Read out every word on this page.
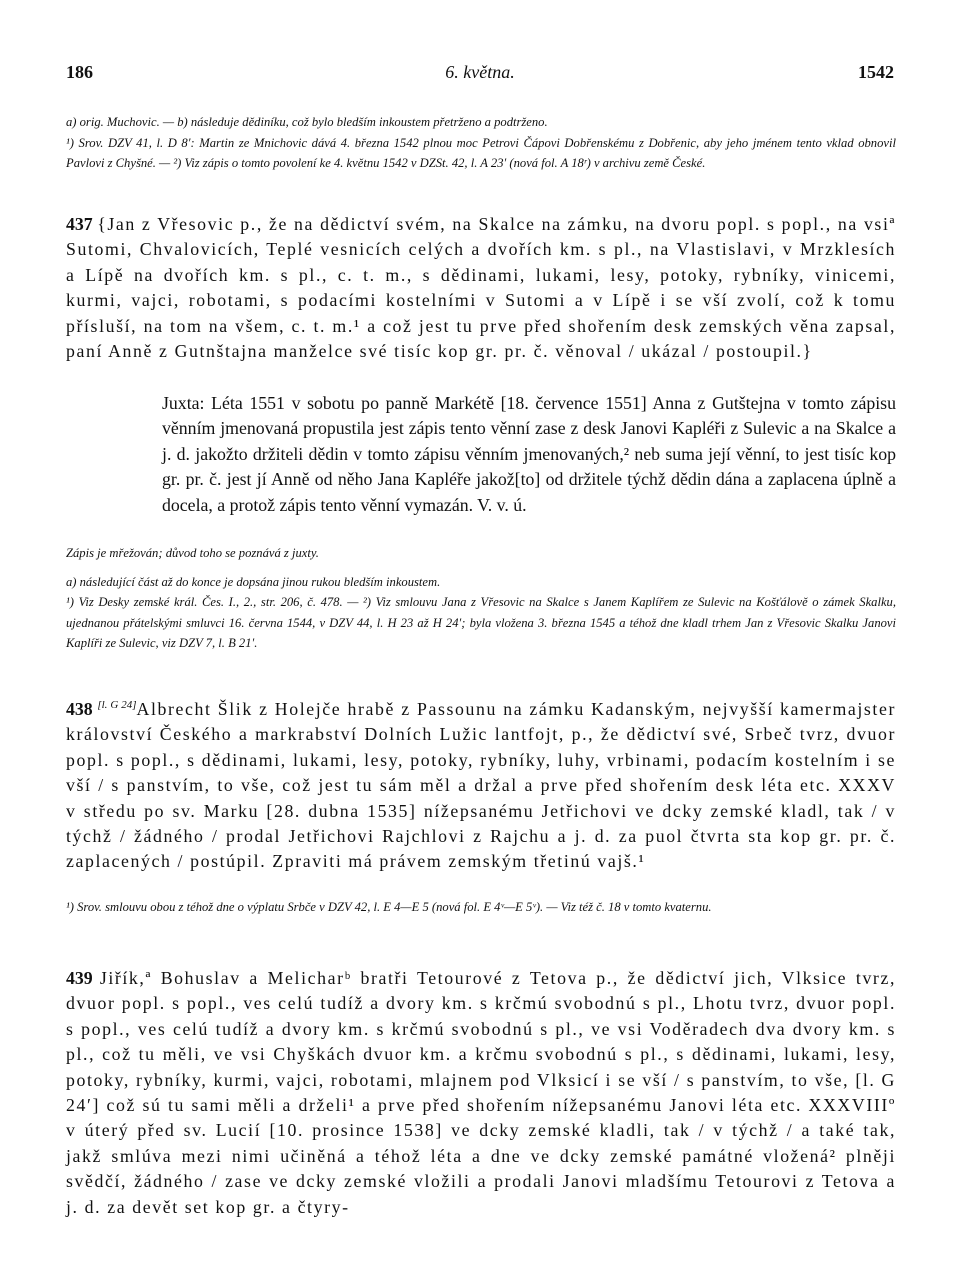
186	6. května.	1542

a) orig. Muchovic. — b) následuje dědiníku, což bylo bledším inkoustem přetrženo a podtrženo.

¹) Srov. DZV 41, l. D 8′: Martin ze Mnichovic dává 4. března 1542 plnou moc Petrovi Čápovi Dobřenskému z Dobřenic, aby jeho jménem tento vklad obnovil Pavlovi z Chyšné. — ²) Viz zápis o tomto povolení ke 4. květnu 1542 v DZSt. 42, l. A 23′ (nová fol. A 18ʳ) v archivu země České.

437 {Jan z Vřesovic p., že na dědictví svém, na Skalce na zámku, na dvoru popl. s popl., na vsiª Sutomi, Chvalovicích, Teplé vesnicích celých a dvořích km. s pl., na Vlastislavi, v Mrzklesích a Lípě na dvořích km. s pl., c. t. m., s dědinami, lukami, lesy, potoky, rybníky, vinicemi, kurmi, vajci, robotami, s podacími kostelními v Sutomi a v Lípě i se vší zvolí, což k tomu přísluší, na tom na všem, c. t. m.¹ a což jest tu prve před shořením desk zemských věna zapsal, paní Anně z Gutnštajna manželce své tisíc kop gr. pr. č. věnoval / ukázal / postoupil.}

Juxta: Léta 1551 v sobotu po panně Markétě [18. července 1551] Anna z Gutštejna v tomto zápisu věnním jmenovaná propustila jest zápis tento věnní zase z desk Janovi Kapléři z Sulevic a na Skalce a j. d. jakožto držiteli dědin v tomto zápisu věnním jmenovaných,² neb suma její věnní, to jest tisíc kop gr. pr. č. jest jí Anně od něho Jana Kapléře jakož[to] od držitele týchž dědin dána a zaplacena úplně a docela, a protož zápis tento věnní vymazán. V. v. ú.

Zápis je mřežován; důvod toho se poznává z juxty.

a) následující část až do konce je dopsána jinou rukou bledším inkoustem.

¹) Viz Desky zemské král. Čes. I., 2., str. 206, č. 478. — ²) Viz smlouvu Jana z Vřesovic na Skalce s Janem Kaplířem ze Sulevic na Košťálově o zámek Skalku, ujednanou přátelskými smluvci 16. června 1544, v DZV 44, l. H 23 až H 24′; byla vložena 3. března 1545 a téhož dne kladl trhem Jan z Vřesovic Skalku Janovi Kaplíři ze Sulevic, viz DZV 7, l. B 21′.

438 [l. G 24]Albrecht Šlik z Holejče hrabě z Passounu na zámku Kadanským, nejvyšší kamermajster království Českého a markrabství Dolních Lužic lantfojt, p., že dědictví své, Srbeč tvrz, dvuor popl. s popl., s dědinami, lukami, lesy, potoky, rybníky, luhy, vrbinami, podacím kostelním i se vší / s panstvím, to vše, což jest tu sám měl a držal a prve před shořením desk léta etc. XXXV v středu po sv. Marku [28. dubna 1535] nížepsanému Jetřichovi ve dcky zemské kladl, tak / v týchž / žádného / prodal Jetřichovi Rajchlovi z Rajchu a j. d. za puol čtvrta sta kop gr. pr. č. zaplacených / postúpil. Zpraviti má právem zemským třetinú vajš.¹

¹) Srov. smlouvu obou z téhož dne o výplatu Srbče v DZV 42, l. E 4—E 5 (nová fol. E 4ᵛ—E 5ᵛ). — Viz též č. 18 v tomto kvaternu.

439 Jiřík,ª Bohuslav a Melicharᵇ bratři Tetourové z Tetova p., že dědictví jich, Vlksice tvrz, dvuor popl. s popl., ves celú tudíž a dvory km. s krčmú svobodnú s pl., Lhotu tvrz, dvuor popl. s popl., ves celú tudíž a dvory km. s krčmú svobodnú s pl., ve vsi Voděradech dva dvory km. s pl., což tu měli, ve vsi Chyškách dvuor km. a krčmu svobodnú s pl., s dědinami, lukami, lesy, potoky, rybníky, kurmi, vajci, robotami, mlajnem pod Vlksicí i se vší / s panstvím, to vše, [l. G 24′] což sú tu sami měli a drželi¹ a prve před shořením nížepsanému Janovi léta etc. XXXVIIIº v úterý před sv. Lucií [10. prosince 1538] ve dcky zemské kladli, tak / v týchž / a také tak, jakž smlúva mezi nimi učiněná a téhož léta a dne ve dcky zemské památné vložená² plněji svědčí, žádného / zase ve dcky zemské vložili a prodali Janovi mladšímu Tetourovi z Tetova a j. d. za devět set kop gr. a čtyry-
